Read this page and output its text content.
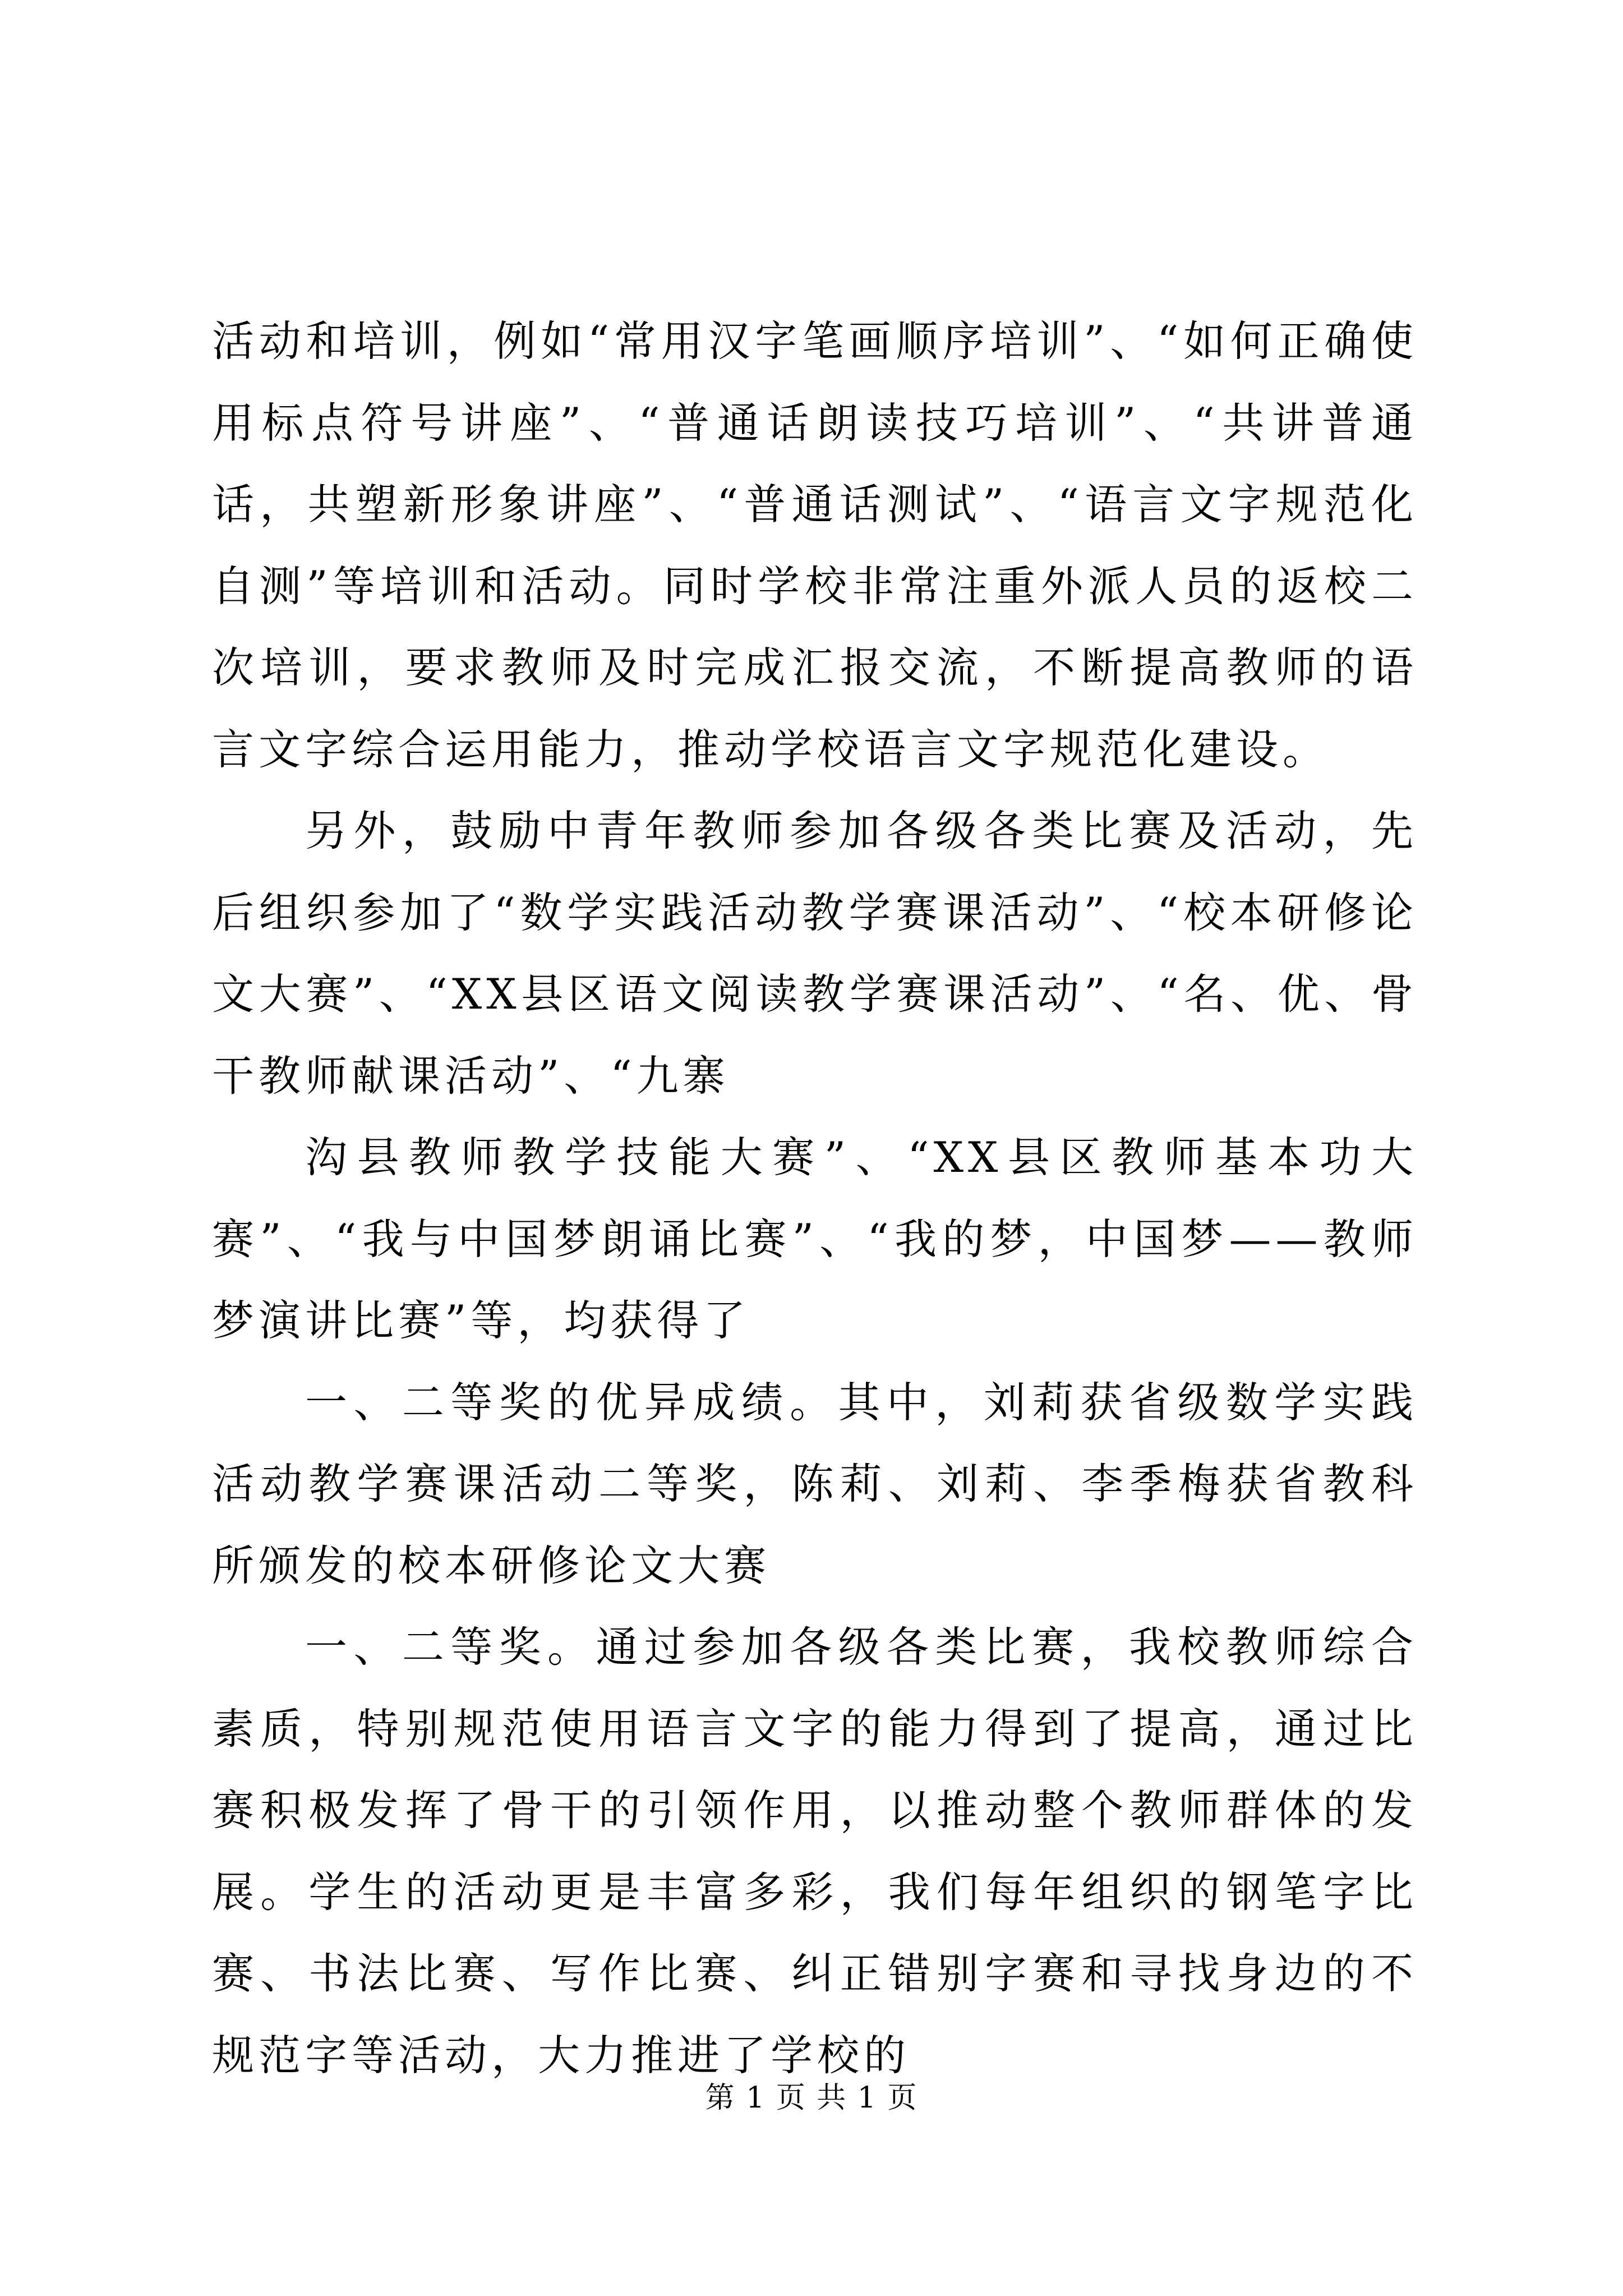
活动和培训，例如“常用汉字笔画顺序培训”、“如何正确使用标点符号讲座”、“普通话朗读技巧培训”、“共讲普通话，共塑新形象讲座”、“普通话测试”、“语言文字规范化自测”等培训和活动。同时学校非常注重外派人员的返校二次培训，要求教师及时完成汇报交流，不断提高教师的语言文字综合运用能力，推动学校语言文字规范化建设。

另外，鼓励中青年教师参加各级各类比赛及活动，先后组织参加了“数学实践活动教学赛课活动”、“校本研修论文大赛”、“XX县区语文阅读教学赛课活动”、“名、优、骨干教师献课活动”、“九寨

沟县教师教学技能大赛”、“XX县区教师基本功大赛”、“我与中国梦朗诵比赛”、“我的梦，中国梦——教师梦演讲比赛”等，均获得了

一、二等奖的优异成绩。其中，刘莉获省级数学实践活动教学赛课活动二等奖，陈莉、刘莉、李季梅获省教科所颁发的校本研修论文大赛

一、二等奖。通过参加各级各类比赛，我校教师综合素质，特别规范使用语言文字的能力得到了提高，通过比赛积极发挥了骨干的引领作用，以推动整个教师群体的发展。学生的活动更是丰富多彩，我们每年组织的钢笔字比赛、书法比赛、写作比赛、纠正错别字赛和寻找身边的不规范字等活动，大力推进了学校的

第 1 页 共 1 页
